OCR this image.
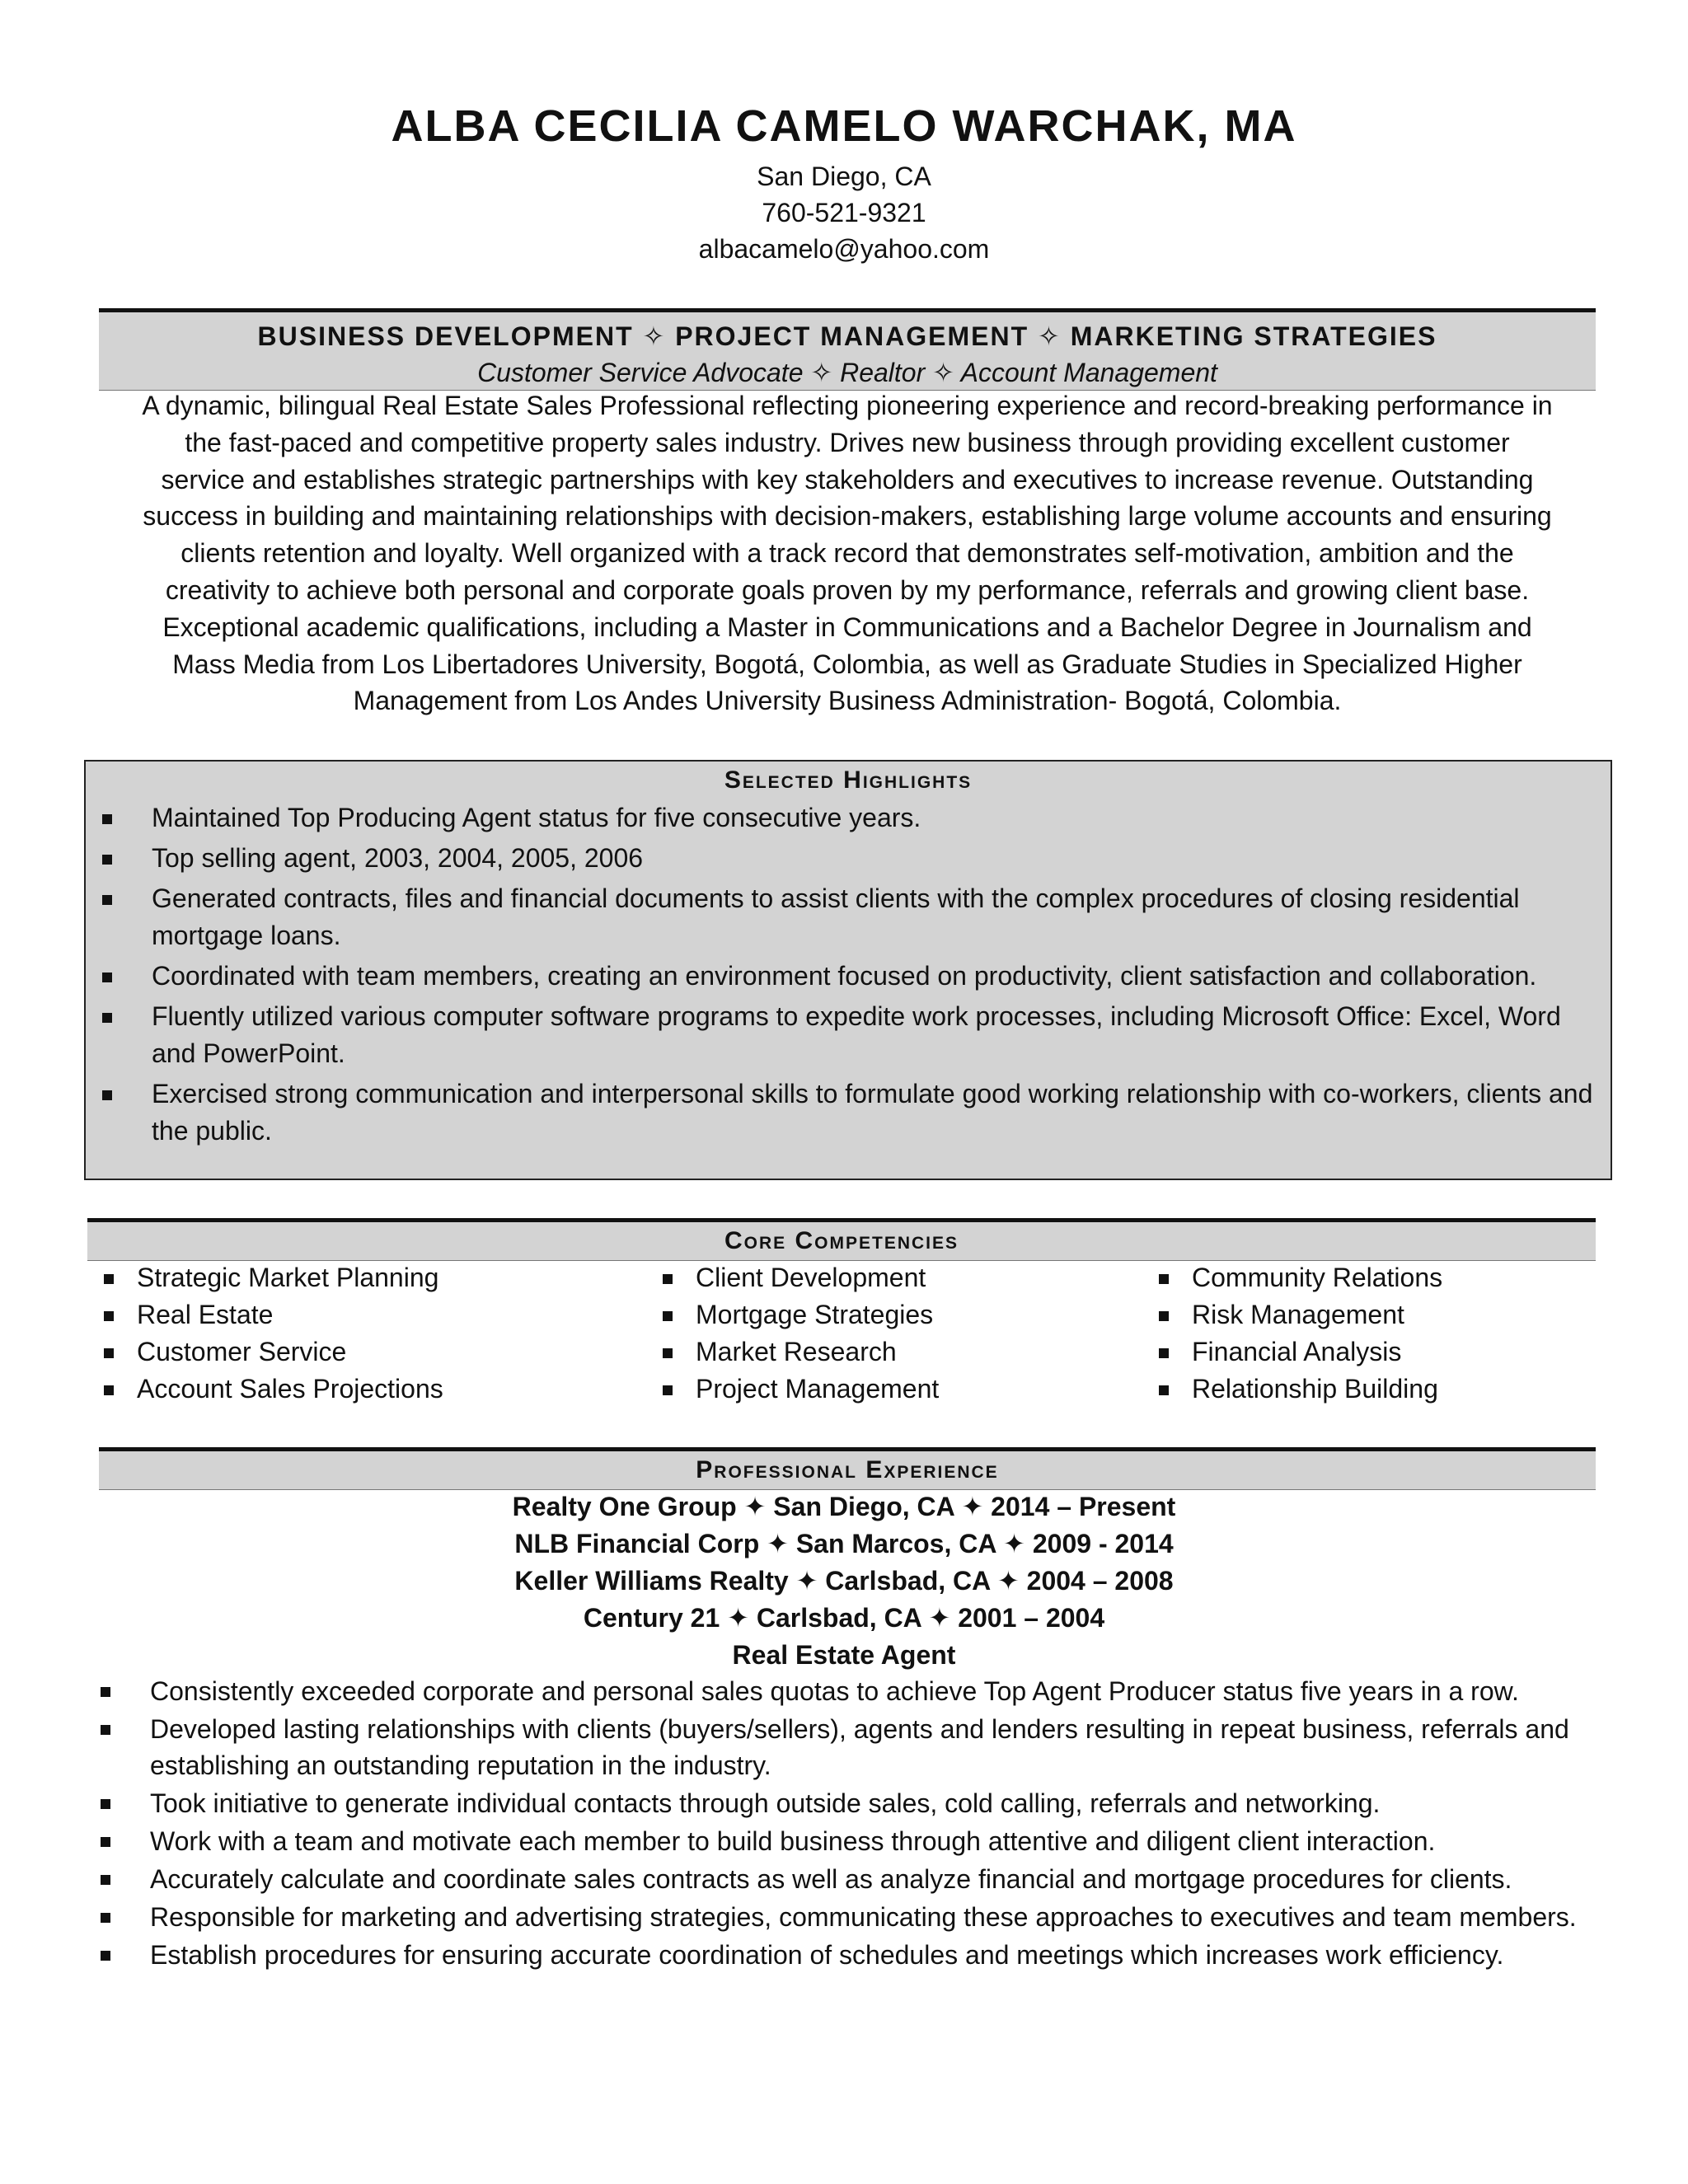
ALBA CECILIA CAMELO WARCHAK, MA
San Diego, CA
760-521-9321
albacamelo@yahoo.com
BUSINESS DEVELOPMENT ✧ PROJECT MANAGEMENT ✧ MARKETING STRATEGIES
Customer Service Advocate ✧ Realtor ✧ Account Management
A dynamic, bilingual Real Estate Sales Professional reflecting pioneering experience and record-breaking performance in
the fast-paced and competitive property sales industry. Drives new business through providing excellent customer
service and establishes strategic partnerships with key stakeholders and executives to increase revenue. Outstanding
success in building and maintaining relationships with decision-makers, establishing large volume accounts and ensuring
clients retention and loyalty. Well organized with a track record that demonstrates self-motivation, ambition and the
creativity to achieve both personal and corporate goals proven by my performance, referrals and growing client base.
Exceptional academic qualifications, including a Master in Communications and a Bachelor Degree in Journalism and
Mass Media from Los Libertadores University, Bogotá, Colombia, as well as Graduate Studies in Specialized Higher
Management from Los Andes University Business Administration- Bogotá, Colombia.
Selected Highlights
Maintained Top Producing Agent status for five consecutive years.
Top selling agent, 2003, 2004, 2005, 2006
Generated contracts, files and financial documents to assist clients with the complex procedures of closing residential mortgage loans.
Coordinated with team members, creating an environment focused on productivity, client satisfaction and collaboration.
Fluently utilized various computer software programs to expedite work processes, including Microsoft Office: Excel, Word and PowerPoint.
Exercised strong communication and interpersonal skills to formulate good working relationship with co-workers, clients and the public.
Core Competencies
Strategic Market Planning
Real Estate
Customer Service
Account Sales Projections
Client Development
Mortgage Strategies
Market Research
Project Management
Community Relations
Risk Management
Financial Analysis
Relationship Building
Professional Experience
Realty One Group ✦ San Diego, CA ✦ 2014 – Present
NLB Financial Corp ✦ San Marcos, CA ✦ 2009 - 2014
Keller Williams Realty ✦ Carlsbad, CA ✦ 2004 – 2008
Century 21 ✦ Carlsbad, CA ✦ 2001 – 2004
Real Estate Agent
Consistently exceeded corporate and personal sales quotas to achieve Top Agent Producer status five years in a row.
Developed lasting relationships with clients (buyers/sellers), agents and lenders resulting in repeat business, referrals and establishing an outstanding reputation in the industry.
Took initiative to generate individual contacts through outside sales, cold calling, referrals and networking.
Work with a team and motivate each member to build business through attentive and diligent client interaction.
Accurately calculate and coordinate sales contracts as well as analyze financial and mortgage procedures for clients.
Responsible for marketing and advertising strategies, communicating these approaches to executives and team members.
Establish procedures for ensuring accurate coordination of schedules and meetings which increases work efficiency.
